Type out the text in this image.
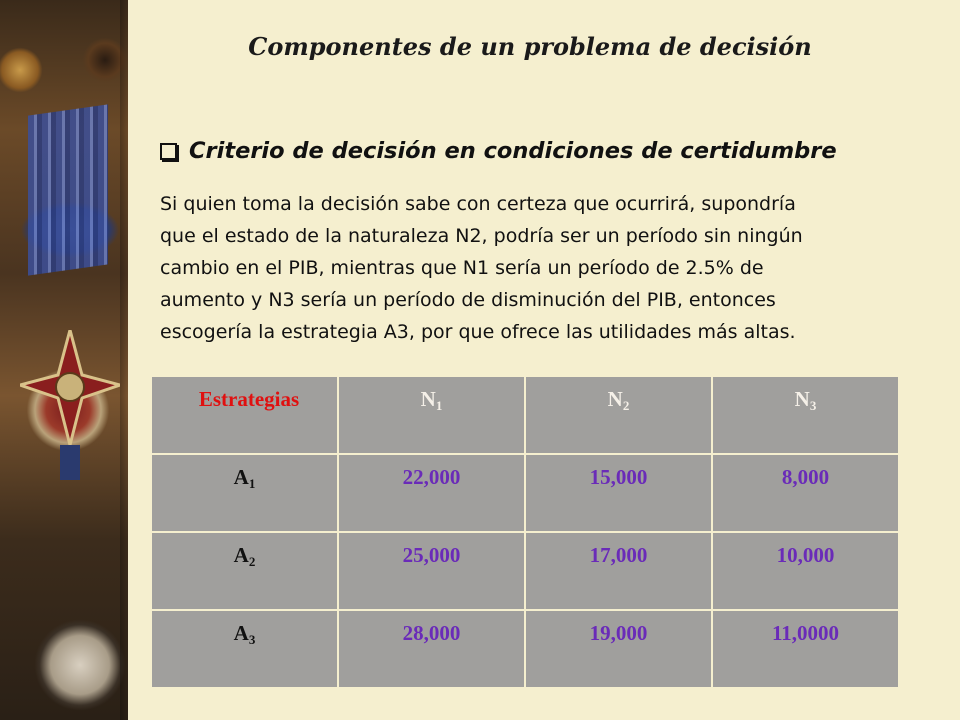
Componentes de un problema de decisión
Criterio de decisión en condiciones de certidumbre
Si quien toma la decisión sabe con certeza que ocurrirá, supondría
que el estado de la naturaleza N2, podría ser un período sin ningún
cambio en el PIB, mientras que N1 sería un período de 2.5% de
aumento y N3 sería un período de disminución del PIB, entonces
escogería la estrategia A3, por que ofrece las utilidades más altas.
Estrategias	$N_1$	$N_2$	$N_3$
$A_1$	22,000	15,000	8,000
$A_2$	25,000	17,000	10,000
$A_3$	28,000	19,000	11,0000
